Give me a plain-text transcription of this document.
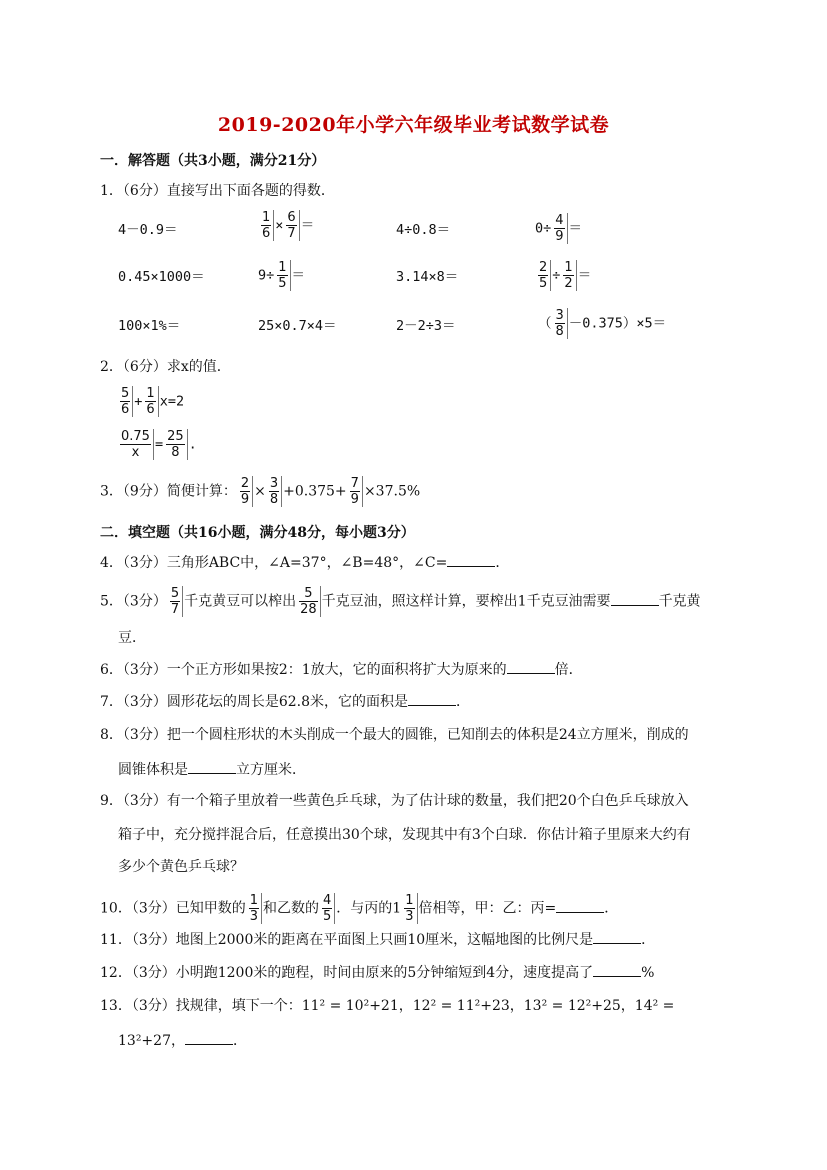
2019-2020年小学六年级毕业考试数学试卷
一．解答题（共3小题，满分21分）
1．（6分）直接写出下面各题的得数．
4－0.9＝	$\frac{1}{6} \times \frac{6}{7}$ ＝	4÷0.8＝	$0\div \frac{4}{9}$ ＝
0.45×1000＝	$9\div \frac{1}{5}$ ＝	3.14×8＝	$\frac{2}{5} \div \frac{1}{2}$ ＝
100×1%＝	25×0.7×4＝	2－2÷3＝	（ $\frac{3}{8} -0.375)\times 5=$
2．（6分）求x的值．
$\frac{5}{6} + \frac{1}{6} x=2$
$\frac{0.75}{x} = \frac{25}{8}$ .
3．（9分）简便计算： $\frac{2}{9} \times \frac{3}{8} +0.375+ \frac{7}{9} \times 37.5\%$
二．填空题（共16小题，满分48分，每小题3分）
4．（3分）三角形ABC中，∠A=37°，∠B=48°，∠C=	．
5．（3分） $\frac{5}{7}$ 千克黄豆可以榨出 $\frac{5}{28}$ 千克豆油，照这样计算，要榨出1千克豆油需要	千克黄
豆．
6．（3分）一个正方形如果按2：1放大，它的面积将扩大为原来的	倍．
7．（3分）圆形花坛的周长是62.8米，它的面积是	．
8．（3分）把一个圆柱形状的木头削成一个最大的圆锥，已知削去的体积是24立方厘米，削成的
圆锥体积是	立方厘米．
9．（3分）有一个箱子里放着一些黄色乒乓球，为了估计球的数量，我们把20个白色乒乓球放入
箱子中，充分搅拌混合后，任意摸出30个球，发现其中有3个白球．你估计箱子里原来大约有
多少个黄色乒乓球？
10．（3分）已知甲数的 $\frac{1}{3}$ 和乙数的 $\frac{4}{5}$ ．与丙的$1 \frac{1}{3}$ 倍相等，甲：乙：丙=	．
11．（3分）地图上2000米的距离在平面图上只画10厘米，这幅地图的比例尺是	．
12．（3分）小明跑1200米的跑程，时间由原来的5分钟缩短到4分，速度提高了	%
13．（3分）找规律，填下一个：11² = 10²+21，12² = 11²+23，13² = 12²+25，14² =
13²+27，	．
